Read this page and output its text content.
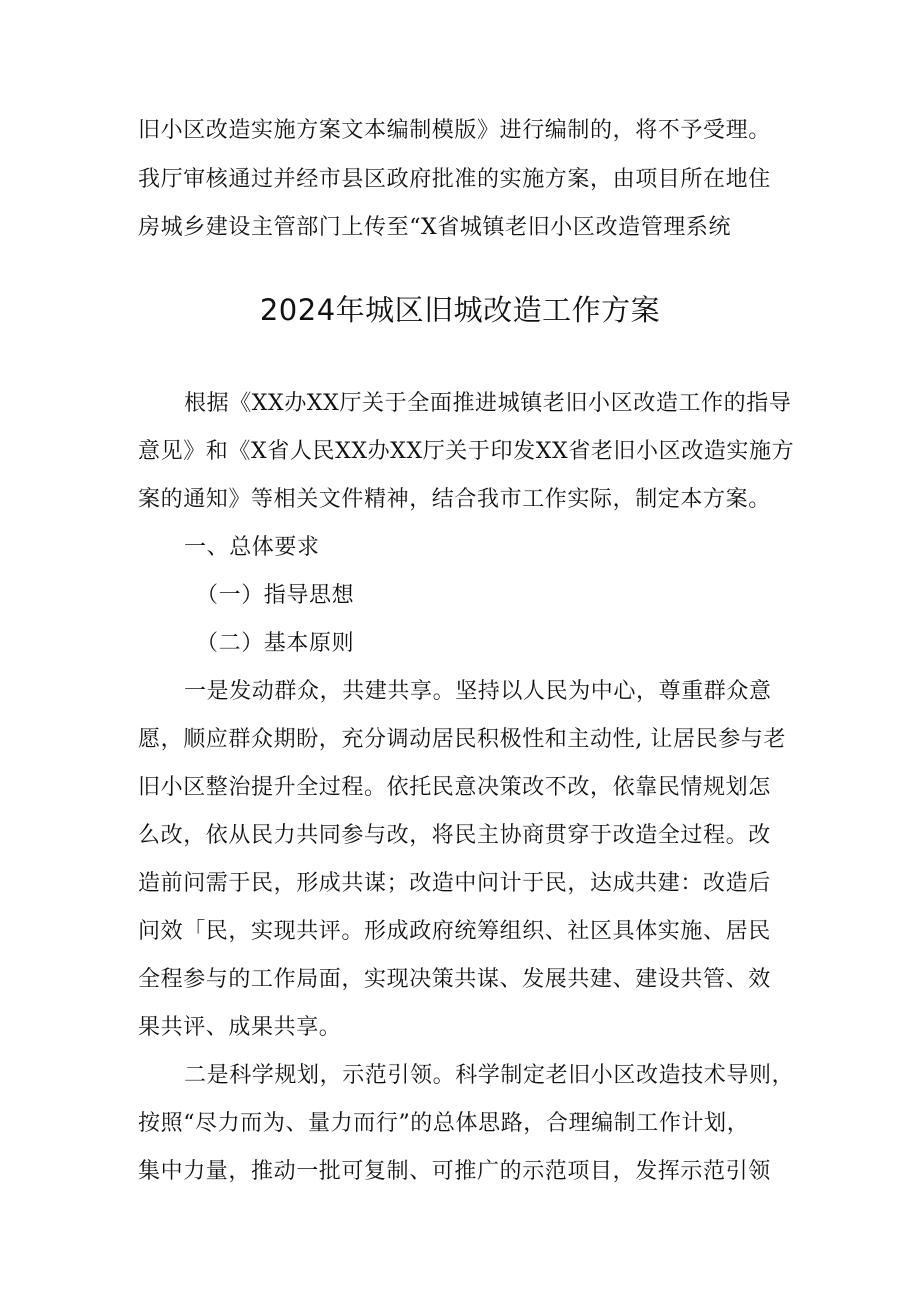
旧小区改造实施方案文本编制模版》进行编制的，将不予受理。
我厅审核通过并经市县区政府批准的实施方案，由项目所在地住
房城乡建设主管部门上传至“X省城镇老旧小区改造管理系统
2024年城区旧城改造工作方案
根据《XX办XX厅关于全面推进城镇老旧小区改造工作的指导
意见》和《X省人民XX办XX厅关于印发XX省老旧小区改造实施方
案的通知》等相关文件精神，结合我市工作实际，制定本方案。
一、总体要求
（一）指导思想
（二）基本原则
一是发动群众，共建共享。坚持以人民为中心，尊重群众意
愿，顺应群众期盼，充分调动居民积极性和主动性, 让居民参与老
旧小区整治提升全过程。依托民意决策改不改，依靠民情规划怎
么改，依从民力共同参与改，将民主协商贯穿于改造全过程。改
造前问需于民，形成共谋；改造中问计于民，达成共建：改造后
问效「民，实现共评。形成政府统筹组织、社区具体实施、居民
全程参与的工作局面，实现决策共谋、发展共建、建设共管、效
果共评、成果共享。
二是科学规划，示范引领。科学制定老旧小区改造技术导则，
按照“尽力而为、量力而行”的总体思路，合理编制工作计划，
集中力量，推动一批可复制、可推广的示范项目，发挥示范引领
